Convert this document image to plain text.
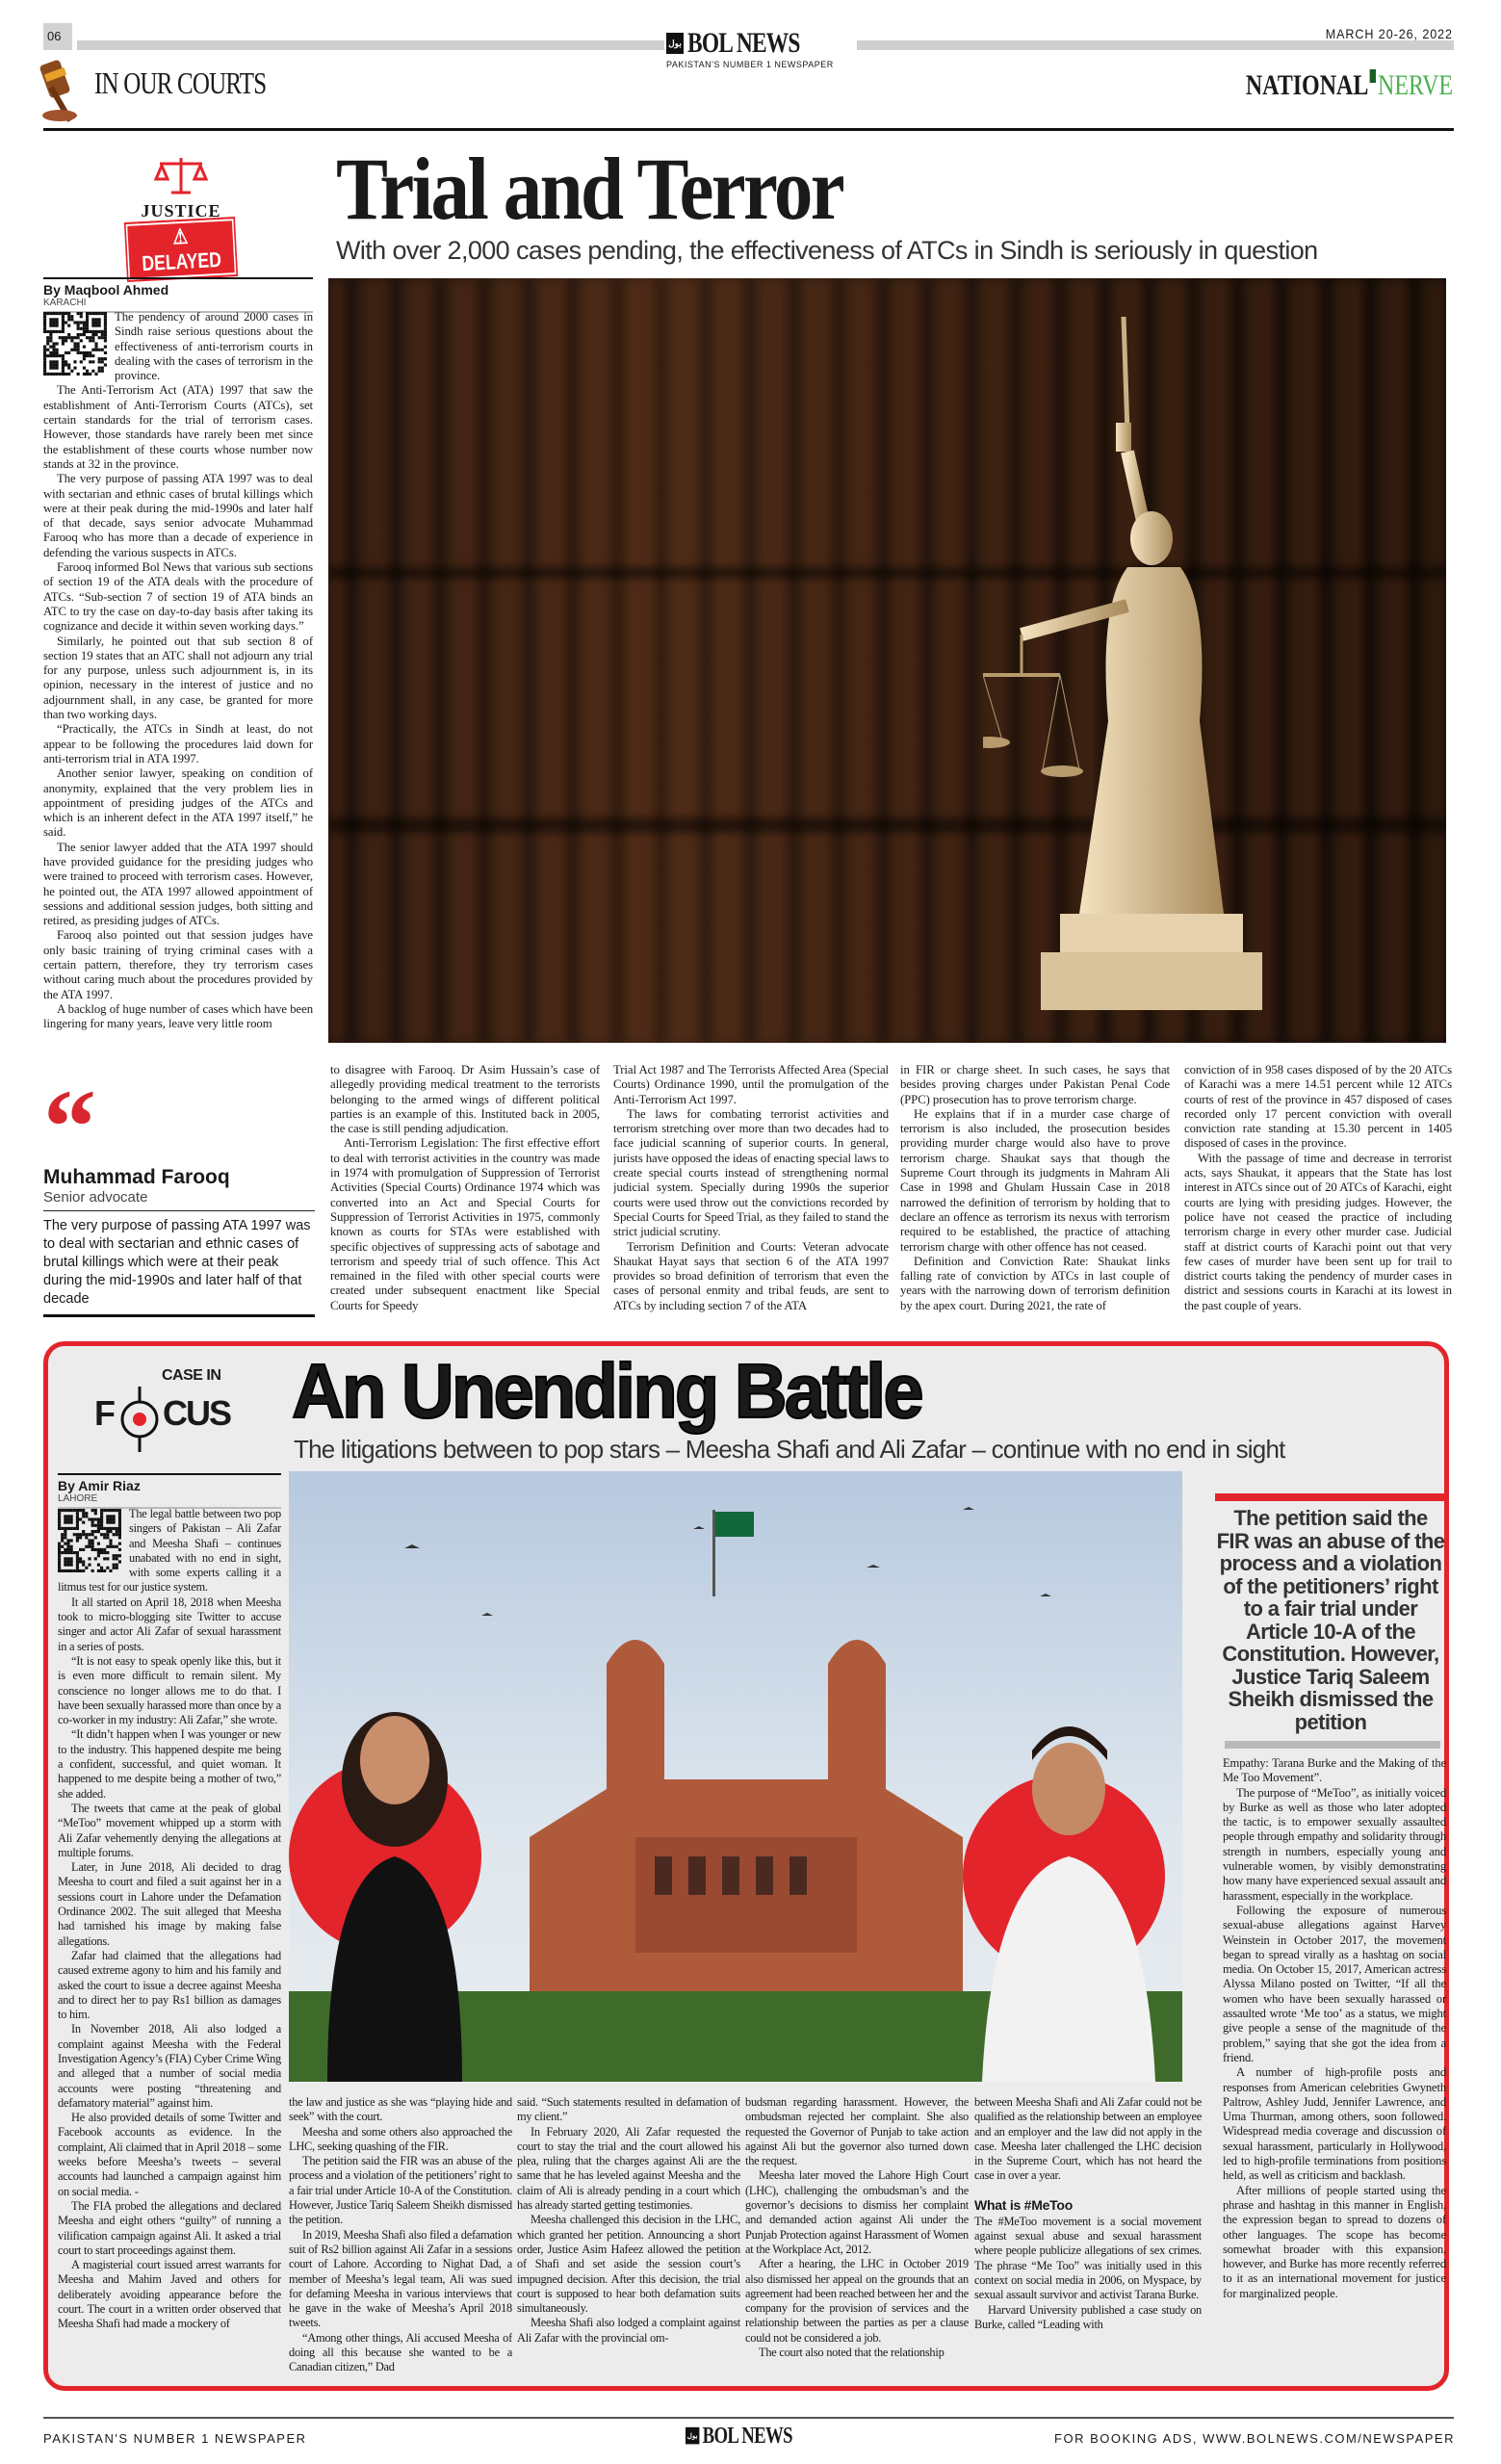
06	MARCH 20-26, 2022
بول BOL NEWS
PAKISTAN'S NUMBER 1 NEWSPAPER
IN OUR COURTS	NATIONAL NERVE
JUSTICE
⚠ DELAYED
Trial and Terror
With over 2,000 cases pending, the effectiveness of ATCs in Sindh is seriously in question
By Maqbool Ahmed
KARACHI

The pendency of around 2000 cases in Sindh raise serious questions about the effectiveness of anti-terrorism courts in dealing with the cases of terrorism in the province.

The Anti-Terrorism Act (ATA) 1997 that saw the establishment of Anti-Terrorism Courts (ATCs), set certain standards for the trial of terrorism cases. However, those standards have rarely been met since the establishment of these courts whose number now stands at 32 in the province.

The very purpose of passing ATA 1997 was to deal with sectarian and ethnic cases of brutal killings which were at their peak during the mid-1990s and later half of that decade, says senior advocate Muhammad Farooq who has more than a decade of experience in defending the various suspects in ATCs.

Farooq informed Bol News that various sub sections of section 19 of the ATA deals with the procedure of ATCs. “Sub-section 7 of section 19 of ATA binds an ATC to try the case on day-to-day basis after taking its cognizance and decide it within seven working days.”

Similarly, he pointed out that sub section 8 of section 19 states that an ATC shall not adjourn any trial for any purpose, unless such adjournment is, in its opinion, necessary in the interest of justice and no adjournment shall, in any case, be granted for more than two working days.

“Practically, the ATCs in Sindh at least, do not appear to be following the procedures laid down for anti-terrorism trial in ATA 1997.

Another senior lawyer, speaking on condition of anonymity, explained that the very problem lies in appointment of presiding judges of the ATCs and which is an inherent defect in the ATA 1997 itself,” he said.

The senior lawyer added that the ATA 1997 should have provided guidance for the presiding judges who were trained to proceed with terrorism cases. However, he pointed out, the ATA 1997 allowed appointment of sessions and additional session judges, both sitting and retired, as presiding judges of ATCs.

Farooq also pointed out that session judges have only basic training of trying criminal cases with a certain pattern, therefore, they try terrorism cases without caring much about the procedures provided by the ATA 1997.

A backlog of huge number of cases which have been lingering for many years, leave very little room

to disagree with Farooq. Dr Asim Hussain’s case of allegedly providing medical treatment to the terrorists belonging to the armed wings of different political parties is an example of this. Instituted back in 2005, the case is still pending adjudication.

Anti-Terrorism Legislation: The first effective effort to deal with terrorist activities in the country was made in 1974 with promulgation of Suppression of Terrorist Activities (Special Courts) Ordinance 1974 which was converted into an Act and Special Courts for Suppression of Terrorist Activities in 1975, commonly known as courts for STAs were established with specific objectives of suppressing acts of sabotage and terrorism and speedy trial of such offence. This Act remained in the filed with other special courts were created under subsequent enactment like Special Courts for Speedy

Trial Act 1987 and The Terrorists Affected Area (Special Courts) Ordinance 1990, until the promulgation of the Anti-Terrorism Act 1997.

The laws for combating terrorist activities and terrorism stretching over more than two decades had to face judicial scanning of superior courts. In general, jurists have opposed the ideas of enacting special laws to create special courts instead of strengthening normal judicial system. Specially during 1990s the superior courts were used throw out the convictions recorded by Special Courts for Speed Trial, as they failed to stand the strict judicial scrutiny.

Terrorism Definition and Courts: Veteran advocate Shaukat Hayat says that section 6 of the ATA 1997 provides so broad definition of terrorism that even the cases of personal enmity and tribal feuds, are sent to ATCs by including section 7 of the ATA

in FIR or charge sheet. In such cases, he says that besides proving charges under Pakistan Penal Code (PPC) prosecution has to prove terrorism charge.

He explains that if in a murder case charge of terrorism is also included, the prosecution besides providing murder charge would also have to prove terrorism charge. Shaukat says that though the Supreme Court through its judgments in Mahram Ali Case in 1998 and Ghulam Hussain Case in 2018 narrowed the definition of terrorism by holding that to declare an offence as terrorism its nexus with terrorism required to be established, the practice of attaching terrorism charge with other offence has not ceased.

Definition and Conviction Rate: Shaukat links falling rate of conviction by ATCs in last couple of years with the narrowing down of terrorism definition by the apex court. During 2021, the rate of

conviction of in 958 cases disposed of by the 20 ATCs of Karachi was a mere 14.51 percent while 12 ATCs courts of rest of the province in 457 disposed of cases recorded only 17 percent conviction with overall conviction rate standing at 15.30 percent in 1405 disposed of cases in the province.

With the passage of time and decrease in terrorist acts, says Shaukat, it appears that the State has lost interest in ATCs since out of 20 ATCs of Karachi, eight courts are lying with presiding judges. However, the police have not ceased the practice of including terrorism charge in every other murder case. Judicial staff at district courts of Karachi point out that very few cases of murder have been sent up for trail to district courts taking the pendency of murder cases in district and sessions courts in Karachi at its lowest in the past couple of years.

“
Muhammad Farooq
Senior advocate
The very purpose of passing ATA 1997 was to deal with sectarian and ethnic cases of brutal killings which were at their peak during the mid-1990s and later half of that decade
CASE IN
F CUS An Unending Battle
The litigations between to pop stars – Meesha Shafi and Ali Zafar – continue with no end in sight
By Amir Riaz
LAHORE

The legal battle between two pop singers of Pakistan – Ali Zafar and Meesha Shafi – continues unabated with no end in sight, with some experts calling it a litmus test for our justice system.

It all started on April 18, 2018 when Meesha took to micro-blogging site Twitter to accuse singer and actor Ali Zafar of sexual harassment in a series of posts.

“It is not easy to speak openly like this, but it is even more difficult to remain silent. My conscience no longer allows me to do that. I have been sexually harassed more than once by a co-worker in my industry: Ali Zafar,” she wrote.

“It didn’t happen when I was younger or new to the industry. This happened despite me being a confident, successful, and quiet woman. It happened to me despite being a mother of two,” she added.

The tweets that came at the peak of global “MeToo” movement whipped up a storm with Ali Zafar vehemently denying the allegations at multiple forums.

Later, in June 2018, Ali decided to drag Meesha to court and filed a suit against her in a sessions court in Lahore under the Defamation Ordinance 2002. The suit alleged that Meesha had tarnished his image by making false allegations.

Zafar had claimed that the allegations had caused extreme agony to him and his family and asked the court to issue a decree against Meesha and to direct her to pay Rs1 billion as damages to him.

In November 2018, Ali also lodged a complaint against Meesha with the Federal Investigation Agency’s (FIA) Cyber Crime Wing and alleged that a number of social media accounts were posting “threatening and defamatory material” against him.

He also provided details of some Twitter and Facebook accounts as evidence. In the complaint, Ali claimed that in April 2018 – some weeks before Meesha’s tweets – several accounts had launched a campaign against him on social media. -

The FIA probed the allegations and declared Meesha and eight others “guilty” of running a vilification campaign against Ali. It asked a trial court to start proceedings against them.

A magisterial court issued arrest warrants for Meesha and Mahim Javed and others for deliberately avoiding appearance before the court. The court in a written order observed that Meesha Shafi had made a mockery of

The petition said the FIR was an abuse of the process and a violation of the petitioners’ right to a fair trial under Article 10-A of the Constitution. However, Justice Tariq Saleem Sheikh dismissed the petition

Empathy: Tarana Burke and the Making of the Me Too Movement”.

The purpose of “MeToo”, as initially voiced by Burke as well as those who later adopted the tactic, is to empower sexually assaulted people through empathy and solidarity through strength in numbers, especially young and vulnerable women, by visibly demonstrating how many have experienced sexual assault and harassment, especially in the workplace.

Following the exposure of numerous sexual-abuse allegations against Harvey Weinstein in October 2017, the movement began to spread virally as a hashtag on social media. On October 15, 2017, American actress Alyssa Milano posted on Twitter, “If all the women who have been sexually harassed or assaulted wrote ‘Me too’ as a status, we might give people a sense of the magnitude of the problem,” saying that she got the idea from a friend.

A number of high-profile posts and responses from American celebrities Gwyneth Paltrow, Ashley Judd, Jennifer Lawrence, and Uma Thurman, among others, soon followed. Widespread media coverage and discussion of sexual harassment, particularly in Hollywood, led to high-profile terminations from positions held, as well as criticism and backlash.

After millions of people started using the phrase and hashtag in this manner in English, the expression began to spread to dozens of other languages. The scope has become somewhat broader with this expansion, however, and Burke has more recently referred to it as an international movement for justice for marginalized people.

the law and justice as she was “playing hide and seek” with the court.

Meesha and some others also approached the LHC, seeking quashing of the FIR.

The petition said the FIR was an abuse of the process and a violation of the petitioners’ right to a fair trial under Article 10-A of the Constitution. However, Justice Tariq Saleem Sheikh dismissed the petition.

In 2019, Meesha Shafi also filed a defamation suit of Rs2 billion against Ali Zafar in a sessions court of Lahore. According to Nighat Dad, a member of Meesha’s legal team, Ali was sued for defaming Meesha in various interviews that he gave in the wake of Meesha’s April 2018 tweets.

“Among other things, Ali accused Meesha of doing all this because she wanted to be a Canadian citizen,” Dad

said. “Such statements resulted in defamation of my client.”

In February 2020, Ali Zafar requested the court to stay the trial and the court allowed his plea, ruling that the charges against Ali are the same that he has leveled against Meesha and the claim of Ali is already pending in a court which has already started getting testimonies.

Meesha challenged this decision in the LHC, which granted her petition. Announcing a short order, Justice Asim Hafeez allowed the petition of Shafi and set aside the session court’s impugned decision. After this decision, the trial court is supposed to hear both defamation suits simultaneously.

Meesha Shafi also lodged a complaint against Ali Zafar with the provincial om-

budsman regarding harassment. However, the ombudsman rejected her complaint. She also requested the Governor of Punjab to take action against Ali but the governor also turned down the request.

Meesha later moved the Lahore High Court (LHC), challenging the ombudsman’s and the governor’s decisions to dismiss her complaint and demanded action against Ali under the Punjab Protection against Harassment of Women at the Workplace Act, 2012.

After a hearing, the LHC in October 2019 also dismissed her appeal on the grounds that an agreement had been reached between her and the company for the provision of services and the relationship between the parties as per a clause could not be considered a job.

The court also noted that the relationship

between Meesha Shafi and Ali Zafar could not be qualified as the relationship between an employee and an employer and the law did not apply in the case. Meesha later challenged the LHC decision in the Supreme Court, which has not heard the case in over a year.

What is #MeToo

The #MeToo movement is a social movement against sexual abuse and sexual harassment where people publicize allegations of sex crimes. The phrase “Me Too” was initially used in this context on social media in 2006, on Myspace, by sexual assault survivor and activist Tarana Burke.

Harvard University published a case study on Burke, called “Leading with

PAKISTAN'S NUMBER 1 NEWSPAPER	بول BOL NEWS	FOR BOOKING ADS, WWW.BOLNEWS.COM/NEWSPAPER
